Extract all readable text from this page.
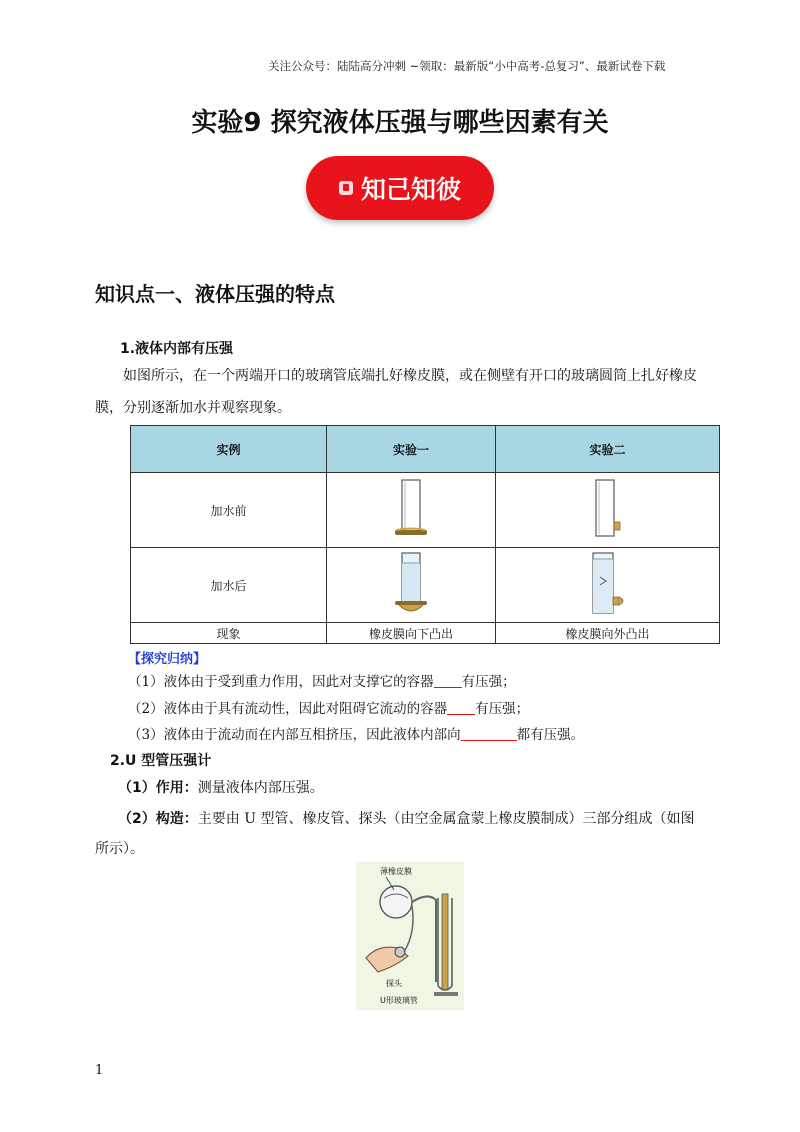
关注公众号：陆陆高分冲刺 ~领取：最新版“小中高考-总复习”、最新试卷下载
实验9 探究液体压强与哪些因素有关
知己知彼
知识点一、液体压强的特点
1.液体内部有压强
如图所示，在一个两端开口的玻璃管底端扎好橡皮膜，或在侧壁有开口的玻璃圆筒上扎好橡皮
膜，分别逐渐加水并观察现象。
实例	实验一	实验二
加水前		
加水后		
现象	橡皮膜向下凸出	橡皮膜向外凸出
【探究归纳】
（1）液体由于受到重力作用，因此对支撑它的容器 有压强；
（2）液体由于具有流动性，因此对阻碍它流动的容器 有压强；
（3）液体由于流动而在内部互相挤压，因此液体内部向	都有压强。
2.U 型管压强计
（1）作用：测量液体内部压强。
（2）构造：主要由 U 型管、橡皮管、探头（由空金属盒蒙上橡皮膜制成）三部分组成（如图
所示）。
薄橡皮膜
探头
U形玻璃管
1
